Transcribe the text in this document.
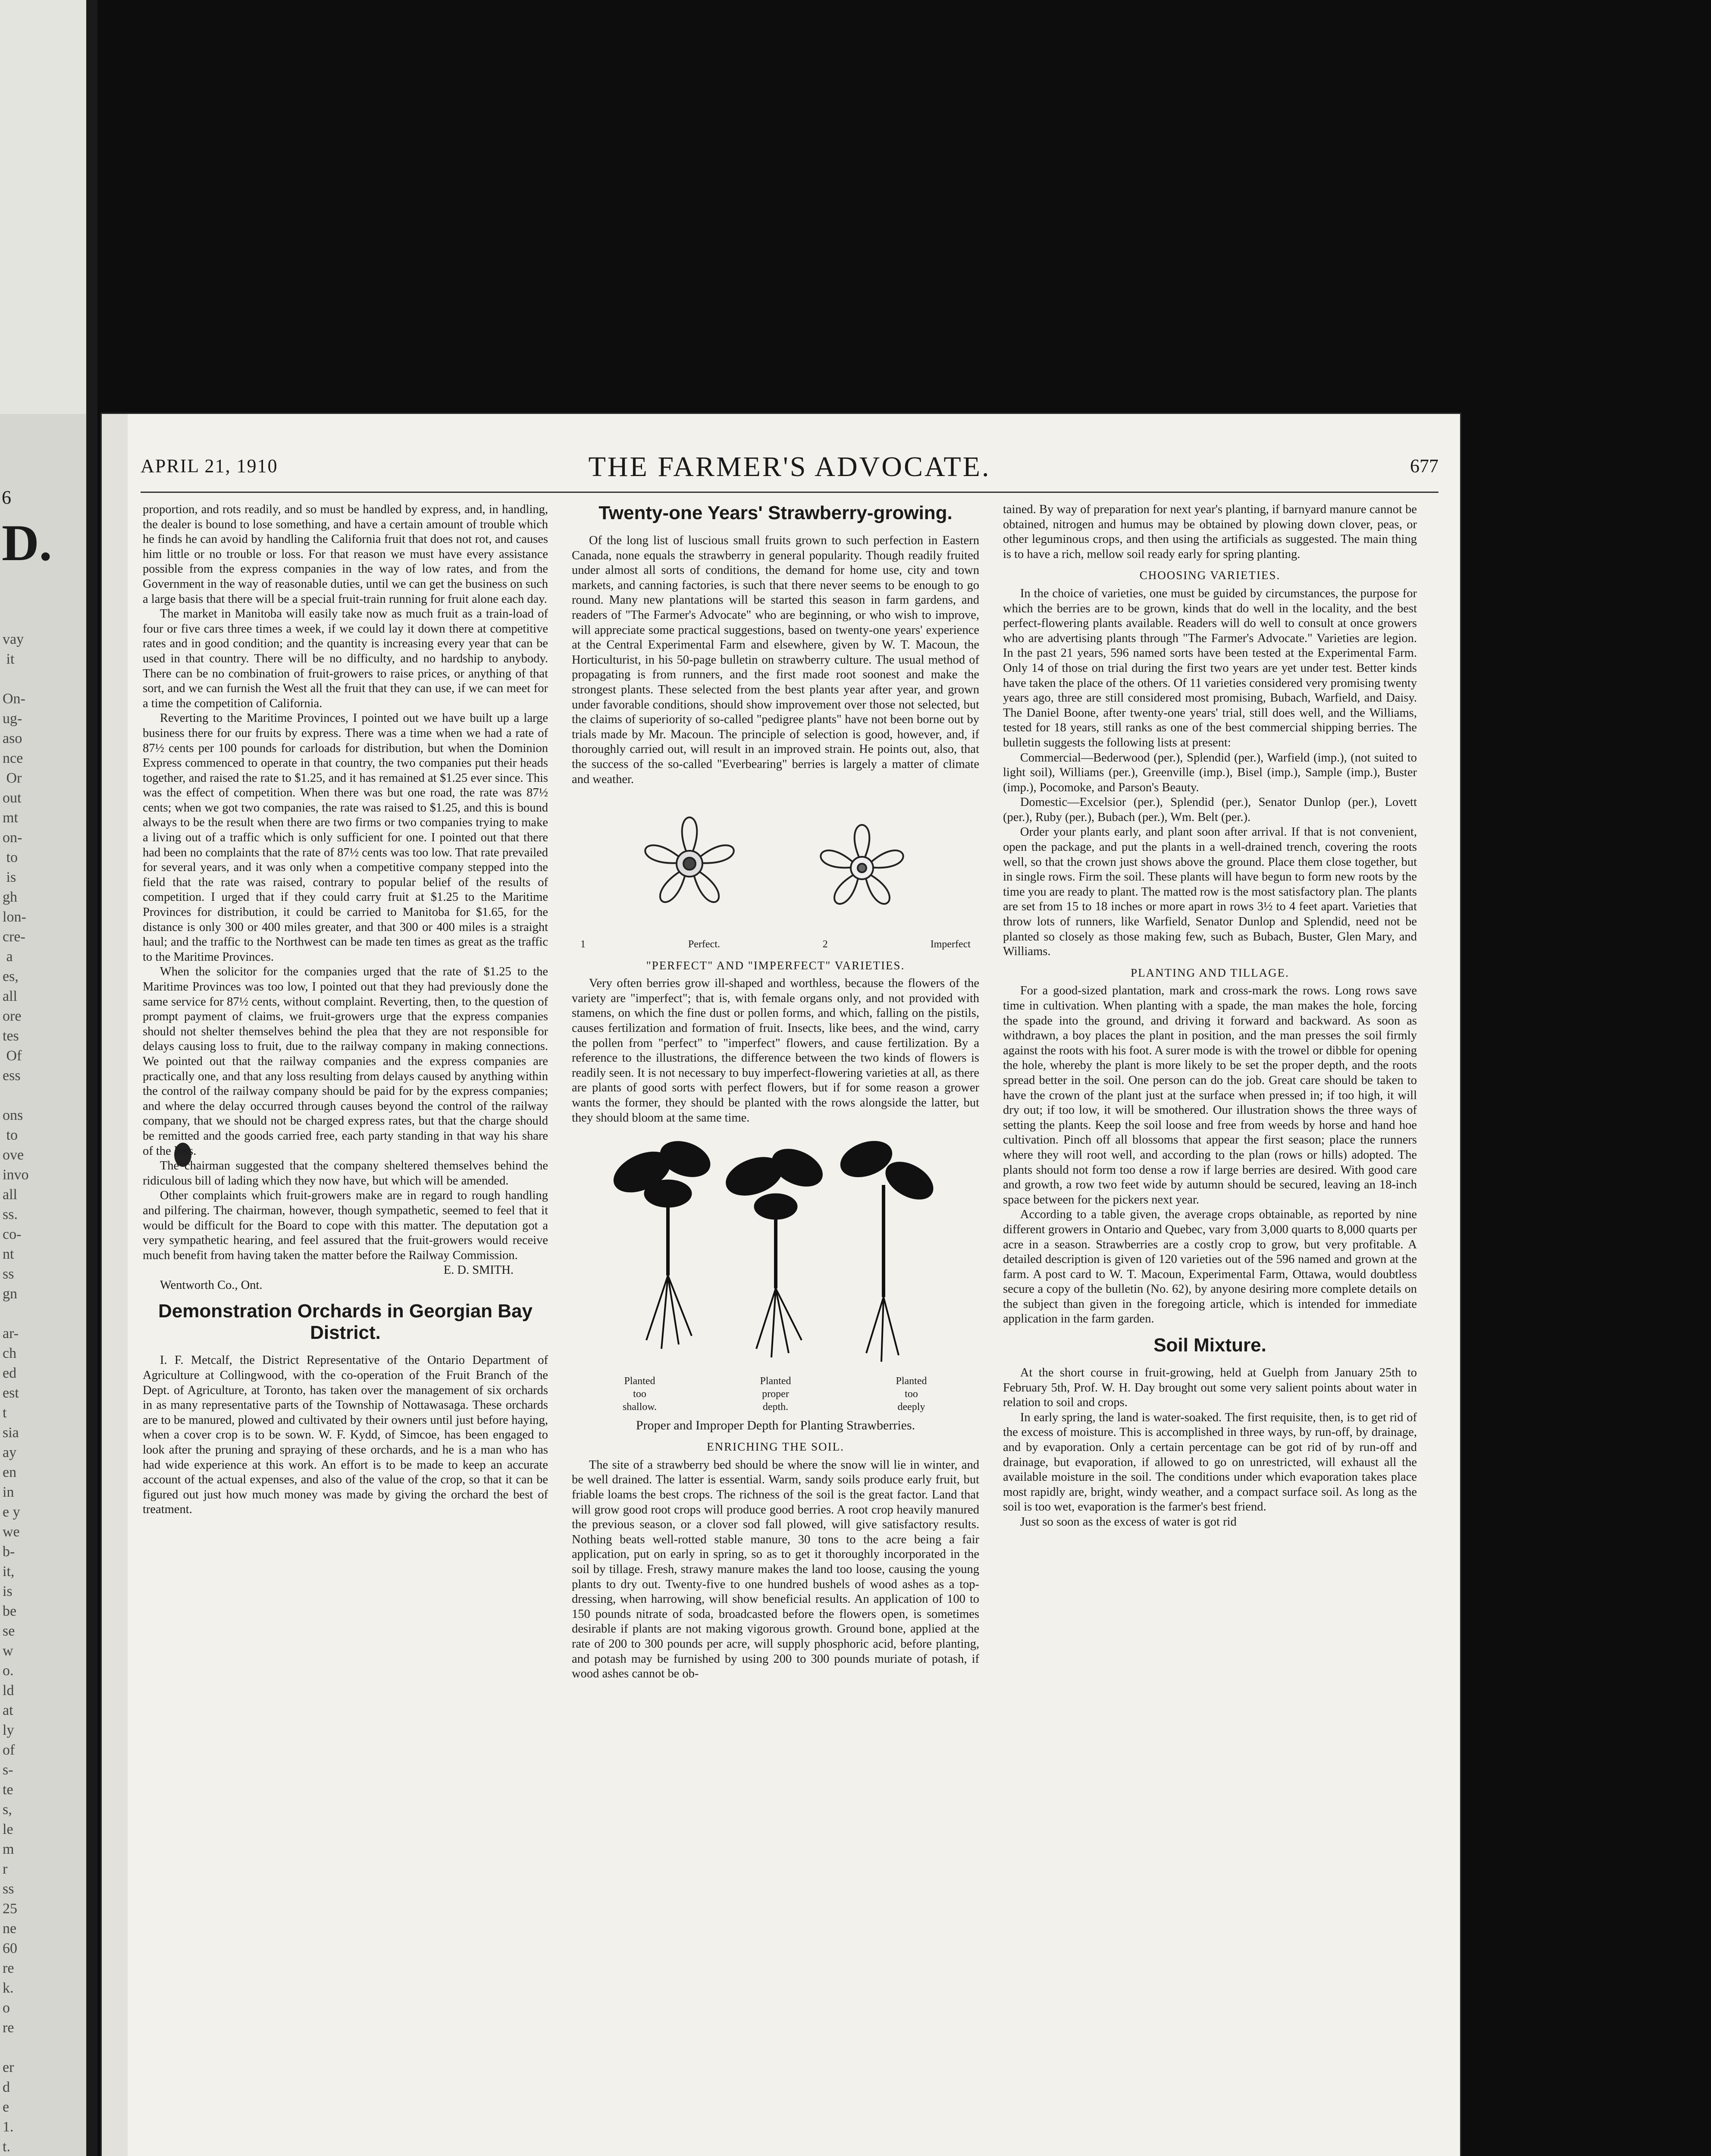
6
D.
vay
it

On-
ug-
aso
nce
Or
out
mt
on-
to
is
gh
lon-
cre-
a
es,
all
ore
tes
Of
ess

ons
to
ove
invo
all
ss.
co-
nt
ss
gn

ar-
ch
ed
est
t
sia
ay
en
in
e y
we
b-
it,
is
be
se
w
o.
ld
at
ly
of
s-
te
s,
le
m
r
ss
25
ne
60
re
k.
o
re

er
d
e
1.
t.

APRIL 21, 1910	THE FARMER'S ADVOCATE.	677

proportion, and rots readily, and so must be handled by express, and, in handling, the dealer is bound to lose something, and have a certain amount of trouble which he finds he can avoid by handling the California fruit that does not rot, and causes him little or no trouble or loss. For that reason we must have every assistance possible from the express companies in the way of low rates, and from the Government in the way of reasonable duties, until we can get the business on such a large basis that there will be a special fruit-train running for fruit alone each day.

The market in Manitoba will easily take now as much fruit as a train-load of four or five cars three times a week, if we could lay it down there at competitive rates and in good condition; and the quantity is increasing every year that can be used in that country. There will be no difficulty, and no hardship to anybody. There can be no combination of fruit-growers to raise prices, or anything of that sort, and we can furnish the West all the fruit that they can use, if we can meet for a time the competition of California.

Reverting to the Maritime Provinces, I pointed out we have built up a large business there for our fruits by express. There was a time when we had a rate of 87½ cents per 100 pounds for carloads for distribution, but when the Dominion Express commenced to operate in that country, the two companies put their heads together, and raised the rate to $1.25, and it has remained at $1.25 ever since. This was the effect of competition. When there was but one road, the rate was 87½ cents; when we got two companies, the rate was raised to $1.25, and this is bound always to be the result when there are two firms or two companies trying to make a living out of a traffic which is only sufficient for one. I pointed out that there had been no complaints that the rate of 87½ cents was too low. That rate prevailed for several years, and it was only when a competitive company stepped into the field that the rate was raised, contrary to popular belief of the results of competition. I urged that if they could carry fruit at $1.25 to the Maritime Provinces for distribution, it could be carried to Manitoba for $1.65, for the distance is only 300 or 400 miles greater, and that 300 or 400 miles is a straight haul; and the traffic to the Northwest can be made ten times as great as the traffic to the Maritime Provinces.

When the solicitor for the companies urged that the rate of $1.25 to the Maritime Provinces was too low, I pointed out that they had previously done the same service for 87½ cents, without complaint. Reverting, then, to the question of prompt payment of claims, we fruit-growers urge that the express companies should not shelter themselves behind the plea that they are not responsible for delays causing loss to fruit, due to the railway company in making connections. We pointed out that the railway companies and the express companies are practically one, and that any loss resulting from delays caused by anything within the control of the railway company should be paid for by the express companies; and where the delay occurred through causes beyond the control of the railway company, that we should not be charged express rates, but that the charge should be remitted and the goods carried free, each party standing in that way his share of the loss.

The chairman suggested that the company sheltered themselves behind the ridiculous bill of lading which they now have, but which will be amended.

Other complaints which fruit-growers make are in regard to rough handling and pilfering. The chairman, however, though sympathetic, seemed to feel that it would be difficult for the Board to cope with this matter. The deputation got a very sympathetic hearing, and feel assured that the fruit-growers would receive much benefit from having taken the matter before the Railway Commission.

E. D. SMITH.
Wentworth Co., Ont.
Demonstration Orchards in Georgian Bay District.

I. F. Metcalf, the District Representative of the Ontario Department of Agriculture at Collingwood, with the co-operation of the Fruit Branch of the Dept. of Agriculture, at Toronto, has taken over the management of six orchards in as many representative parts of the Township of Nottawasaga. These orchards are to be manured, plowed and cultivated by their owners until just before haying, when a cover crop is to be sown. W. F. Kydd, of Simcoe, has been engaged to look after the pruning and spraying of these orchards, and he is a man who has had wide experience at this work. An effort is to be made to keep an accurate account of the actual expenses, and also of the value of the crop, so that it can be figured out just how much money was made by giving the orchard the best of treatment.

Twenty-one Years' Strawberry-growing.

Of the long list of luscious small fruits grown to such perfection in Eastern Canada, none equals the strawberry in general popularity. Though readily fruited under almost all sorts of conditions, the demand for home use, city and town markets, and canning factories, is such that there never seems to be enough to go round. Many new plantations will be started this season in farm gardens, and readers of "The Farmer's Advocate" who are beginning, or who wish to improve, will appreciate some practical suggestions, based on twenty-one years' experience at the Central Experimental Farm and elsewhere, given by W. T. Macoun, the Horticulturist, in his 50-page bulletin on strawberry culture. The usual method of propagating is from runners, and the first made root soonest and make the strongest plants. These selected from the best plants year after year, and grown under favorable conditions, should show improvement over those not selected, but the claims of superiority of so-called "pedigree plants" have not been borne out by trials made by Mr. Macoun. The principle of selection is good, however, and, if thoroughly carried out, will result in an improved strain. He points out, also, that the success of the so-called "Everbearing" berries is largely a matter of climate and weather.

1	Perfect.	2	Imperfect
"PERFECT" AND "IMPERFECT" VARIETIES.

Very often berries grow ill-shaped and worthless, because the flowers of the variety are "imperfect"; that is, with female organs only, and not provided with stamens, on which the fine dust or pollen forms, and which, falling on the pistils, causes fertilization and formation of fruit. Insects, like bees, and the wind, carry the pollen from "perfect" to "imperfect" flowers, and cause fertilization. By a reference to the illustrations, the difference between the two kinds of flowers is readily seen. It is not necessary to buy imperfect-flowering varieties at all, as there are plants of good sorts with perfect flowers, but if for some reason a grower wants the former, they should be planted with the rows alongside the latter, but they should bloom at the same time.

Planted
too
shallow.
Planted
proper
depth.
Planted
too
deeply
Proper and Improper Depth for Planting Strawberries.
ENRICHING THE SOIL.

The site of a strawberry bed should be where the snow will lie in winter, and be well drained. The latter is essential. Warm, sandy soils produce early fruit, but friable loams the best crops. The richness of the soil is the great factor. Land that will grow good root crops will produce good berries. A root crop heavily manured the previous season, or a clover sod fall plowed, will give satisfactory results. Nothing beats well-rotted stable manure, 30 tons to the acre being a fair application, put on early in spring, so as to get it thoroughly incorporated in the soil by tillage. Fresh, strawy manure makes the land too loose, causing the young plants to dry out. Twenty-five to one hundred bushels of wood ashes as a top-dressing, when harrowing, will show beneficial results. An application of 100 to 150 pounds nitrate of soda, broadcasted before the flowers open, is sometimes desirable if plants are not making vigorous growth. Ground bone, applied at the rate of 200 to 300 pounds per acre, will supply phosphoric acid, before planting, and potash may be furnished by using 200 to 300 pounds muriate of potash, if wood ashes cannot be ob-

tained. By way of preparation for next year's planting, if barnyard manure cannot be obtained, nitrogen and humus may be obtained by plowing down clover, peas, or other leguminous crops, and then using the artificials as suggested. The main thing is to have a rich, mellow soil ready early for spring planting.

CHOOSING VARIETIES.

In the choice of varieties, one must be guided by circumstances, the purpose for which the berries are to be grown, kinds that do well in the locality, and the best perfect-flowering plants available. Readers will do well to consult at once growers who are advertising plants through "The Farmer's Advocate." Varieties are legion. In the past 21 years, 596 named sorts have been tested at the Experimental Farm. Only 14 of those on trial during the first two years are yet under test. Better kinds have taken the place of the others. Of 11 varieties considered very promising twenty years ago, three are still considered most promising, Bubach, Warfield, and Daisy. The Daniel Boone, after twenty-one years' trial, still does well, and the Williams, tested for 18 years, still ranks as one of the best commercial shipping berries. The bulletin suggests the following lists at present:

Commercial—Bederwood (per.), Splendid (per.), Warfield (imp.), (not suited to light soil), Williams (per.), Greenville (imp.), Bisel (imp.), Sample (imp.), Buster (imp.), Pocomoke, and Parson's Beauty.

Domestic—Excelsior (per.), Splendid (per.), Senator Dunlop (per.), Lovett (per.), Ruby (per.), Bubach (per.), Wm. Belt (per.).

Order your plants early, and plant soon after arrival. If that is not convenient, open the package, and put the plants in a well-drained trench, covering the roots well, so that the crown just shows above the ground. Place them close together, but in single rows. Firm the soil. These plants will have begun to form new roots by the time you are ready to plant. The matted row is the most satisfactory plan. The plants are set from 15 to 18 inches or more apart in rows 3½ to 4 feet apart. Varieties that throw lots of runners, like Warfield, Senator Dunlop and Splendid, need not be planted so closely as those making few, such as Bubach, Buster, Glen Mary, and Williams.

PLANTING AND TILLAGE.

For a good-sized plantation, mark and cross-mark the rows. Long rows save time in cultivation. When planting with a spade, the man makes the hole, forcing the spade into the ground, and driving it forward and backward. As soon as withdrawn, a boy places the plant in position, and the man presses the soil firmly against the roots with his foot. A surer mode is with the trowel or dibble for opening the hole, whereby the plant is more likely to be set the proper depth, and the roots spread better in the soil. One person can do the job. Great care should be taken to have the crown of the plant just at the surface when pressed in; if too high, it will dry out; if too low, it will be smothered. Our illustration shows the three ways of setting the plants. Keep the soil loose and free from weeds by horse and hand hoe cultivation. Pinch off all blossoms that appear the first season; place the runners where they will root well, and according to the plan (rows or hills) adopted. The plants should not form too dense a row if large berries are desired. With good care and growth, a row two feet wide by autumn should be secured, leaving an 18-inch space between for the pickers next year.

According to a table given, the average crops obtainable, as reported by nine different growers in Ontario and Quebec, vary from 3,000 quarts to 8,000 quarts per acre in a season. Strawberries are a costly crop to grow, but very profitable. A detailed description is given of 120 varieties out of the 596 named and grown at the farm. A post card to W. T. Macoun, Experimental Farm, Ottawa, would doubtless secure a copy of the bulletin (No. 62), by anyone desiring more complete details on the subject than given in the foregoing article, which is intended for immediate application in the farm garden.

Soil Mixture.

At the short course in fruit-growing, held at Guelph from January 25th to February 5th, Prof. W. H. Day brought out some very salient points about water in relation to soil and crops.

In early spring, the land is water-soaked. The first requisite, then, is to get rid of the excess of moisture. This is accomplished in three ways, by run-off, by drainage, and by evaporation. Only a certain percentage can be got rid of by run-off and drainage, but evaporation, if allowed to go on unrestricted, will exhaust all the available moisture in the soil. The conditions under which evaporation takes place most rapidly are, bright, windy weather, and a compact surface soil. As long as the soil is too wet, evaporation is the farmer's best friend.

Just so soon as the excess of water is got rid
